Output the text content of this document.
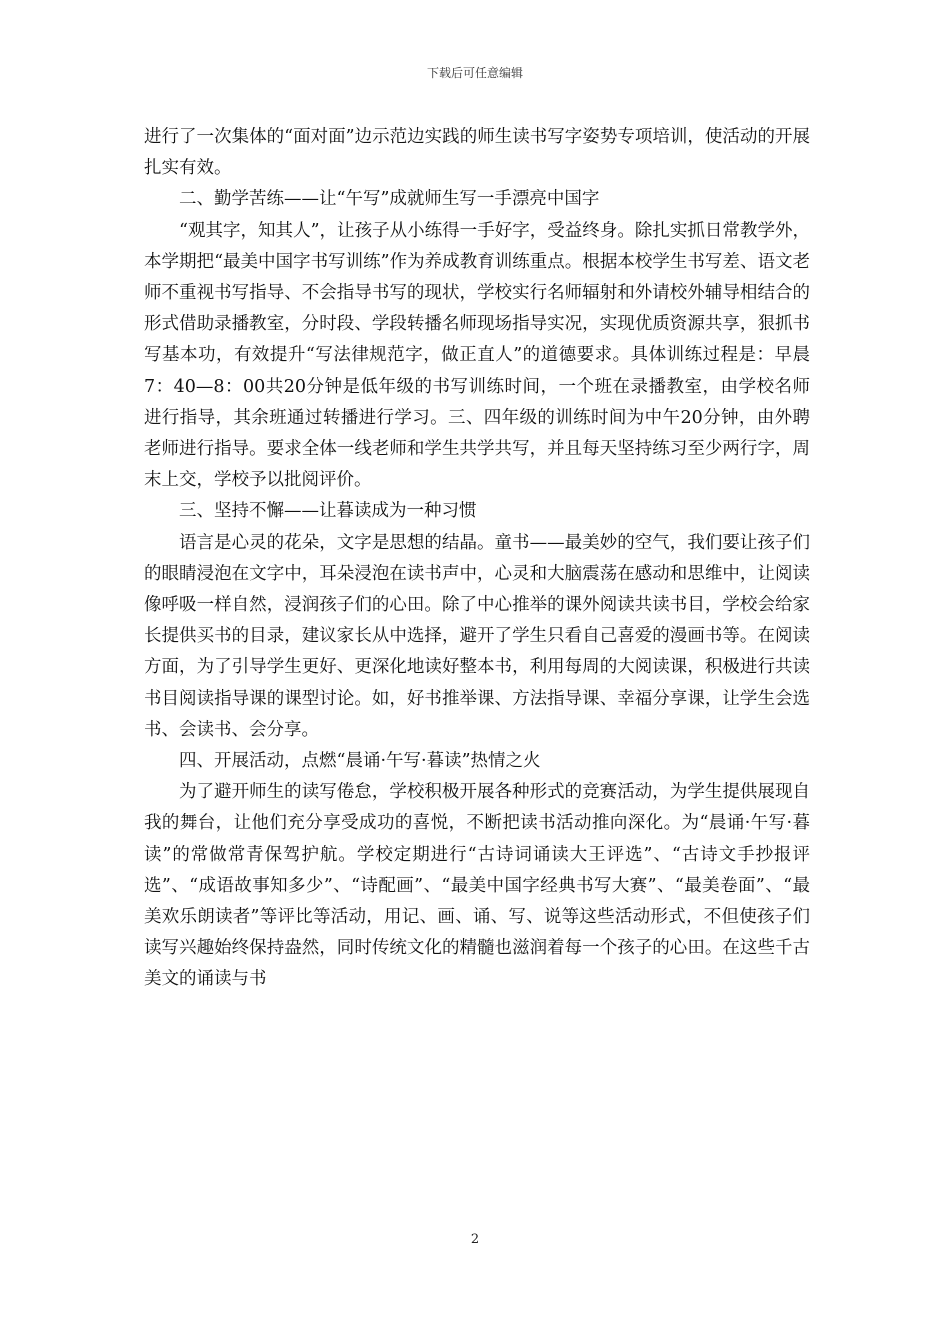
下载后可任意编辑

进行了一次集体的“面对面”边示范边实践的师生读书写字姿势专项培训，使活动的开展扎实有效。

二、勤学苦练——让“午写”成就师生写一手漂亮中国字

“观其字，知其人”，让孩子从小练得一手好字，受益终身。除扎实抓日常教学外，本学期把“最美中国字书写训练”作为养成教育训练重点。根据本校学生书写差、语文老师不重视书写指导、不会指导书写的现状，学校实行名师辐射和外请校外辅导相结合的形式借助录播教室，分时段、学段转播名师现场指导实况，实现优质资源共享，狠抓书写基本功，有效提升“写法律规范字，做正直人”的道德要求。具体训练过程是：早晨7：40—8：00共20分钟是低年级的书写训练时间，一个班在录播教室，由学校名师进行指导，其余班通过转播进行学习。三、四年级的训练时间为中午20分钟，由外聘老师进行指导。要求全体一线老师和学生共学共写，并且每天坚持练习至少两行字，周末上交，学校予以批阅评价。

三、坚持不懈——让暮读成为一种习惯

语言是心灵的花朵，文字是思想的结晶。童书——最美妙的空气，我们要让孩子们的眼睛浸泡在文字中，耳朵浸泡在读书声中，心灵和大脑震荡在感动和思维中，让阅读像呼吸一样自然，浸润孩子们的心田。除了中心推举的课外阅读共读书目，学校会给家长提供买书的目录，建议家长从中选择，避开了学生只看自己喜爱的漫画书等。在阅读方面，为了引导学生更好、更深化地读好整本书，利用每周的大阅读课，积极进行共读书目阅读指导课的课型讨论。如，好书推举课、方法指导课、幸福分享课，让学生会选书、会读书、会分享。

四、开展活动，点燃“晨诵·午写·暮读”热情之火

为了避开师生的读写倦怠，学校积极开展各种形式的竞赛活动，为学生提供展现自我的舞台，让他们充分享受成功的喜悦，不断把读书活动推向深化。为“晨诵·午写·暮读”的常做常青保驾护航。学校定期进行“古诗词诵读大王评选”、“古诗文手抄报评选”、“成语故事知多少”、“诗配画”、“最美中国字经典书写大赛”、“最美卷面”、“最美欢乐朗读者”等评比等活动，用记、画、诵、写、说等这些活动形式，不但使孩子们读写兴趣始终保持盎然，同时传统文化的精髓也滋润着每一个孩子的心田。在这些千古美文的诵读与书

2
